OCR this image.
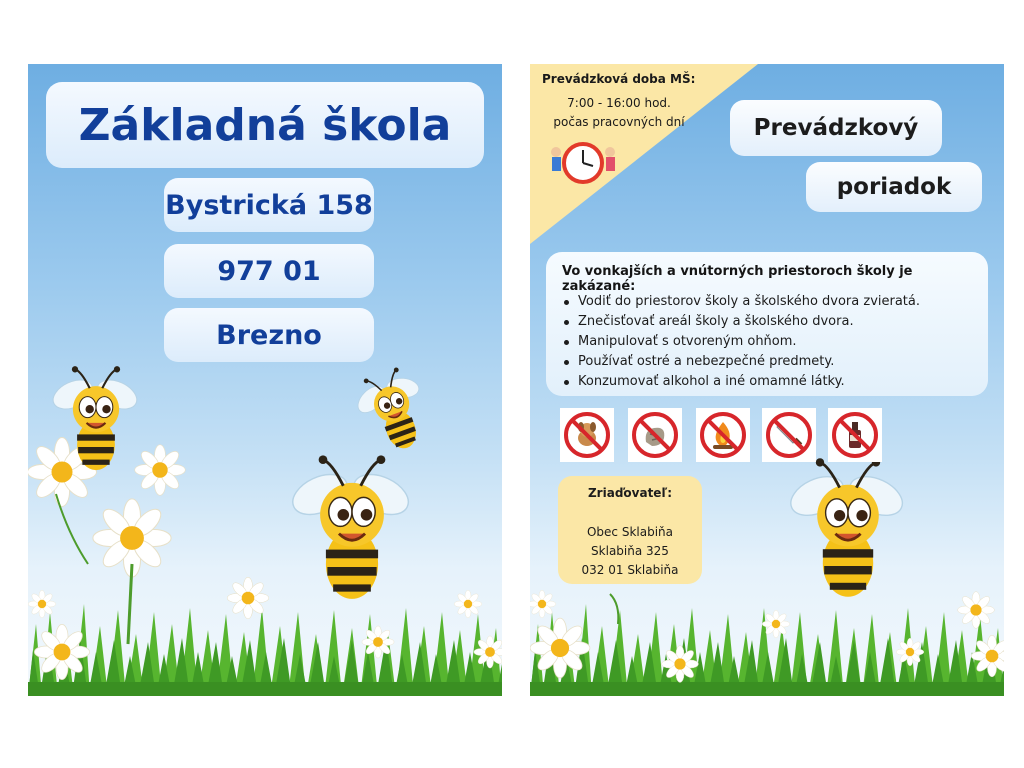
Základná škola
Bystrická 158
977 01
Brezno
Prevádzková doba MŠ:
7:00 - 16:00 hod.
počas pracovných dní	Prevádzkový
poriadok
Vo vonkajších a vnútorných priestoroch školy je zakázané:
Vodiť do priestorov školy a školského dvora zvieratá.
Znečisťovať areál školy a školského dvora.
Manipulovať s otvoreným ohňom.
Používať ostré a nebezpečné predmety.
Konzumovať alkohol a iné omamné látky.
Zriaďovateľ:
Obec Sklabiňa
Sklabiňa 325
032 01 Sklabiňa
